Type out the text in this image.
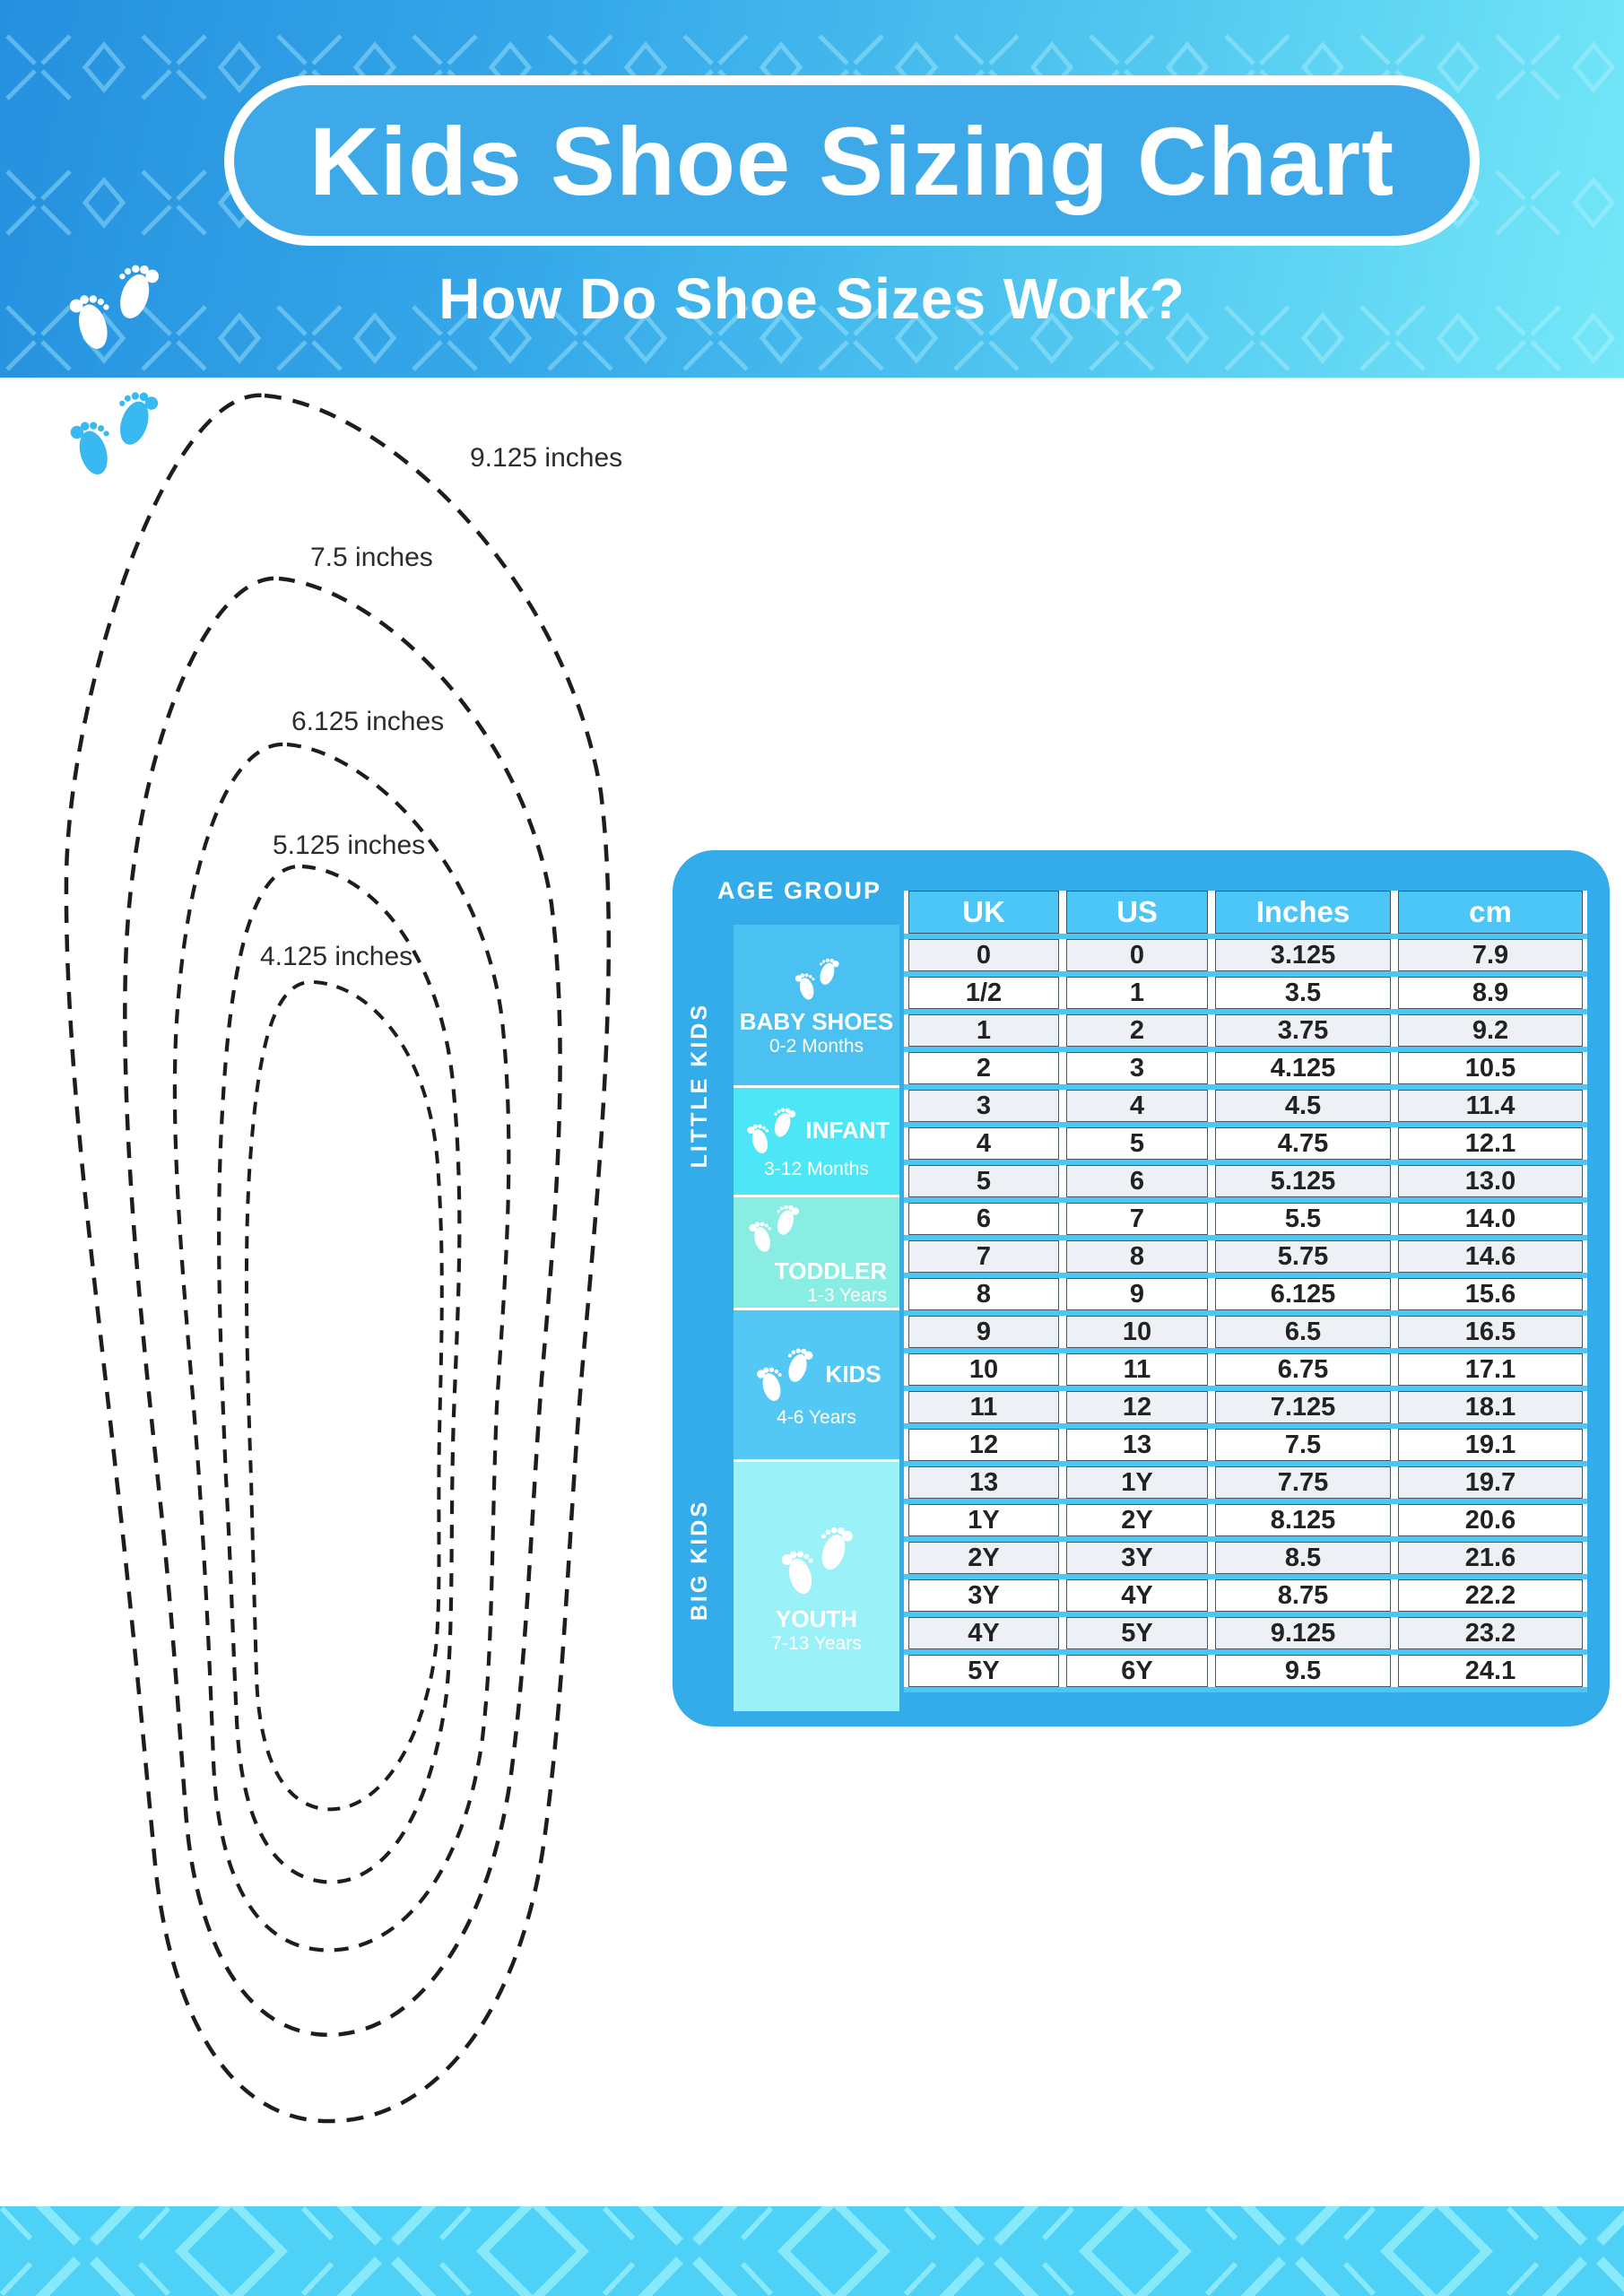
Kids Shoe Sizing Chart
How Do Shoe Sizes Work?
9.125 inches
7.5 inches
6.125 inches
5.125 inches
4.125 inches
AGE GROUP
LITTLE KIDS
BIG KIDS
BABY SHOES
0-2 Months
INFANT
3-12 Months
TODDLER
1-3 Years
KIDS
4-6 Years
YOUTH
7-13 Years
UK	US	Inches	cm
0	0	3.125	7.9
1/2	1	3.5	8.9
1	2	3.75	9.2
2	3	4.125	10.5
3	4	4.5	11.4
4	5	4.75	12.1
5	6	5.125	13.0
6	7	5.5	14.0
7	8	5.75	14.6
8	9	6.125	15.6
9	10	6.5	16.5
10	11	6.75	17.1
11	12	7.125	18.1
12	13	7.5	19.1
13	1Y	7.75	19.7
1Y	2Y	8.125	20.6
2Y	3Y	8.5	21.6
3Y	4Y	8.75	22.2
4Y	5Y	9.125	23.2
5Y	6Y	9.5	24.1
